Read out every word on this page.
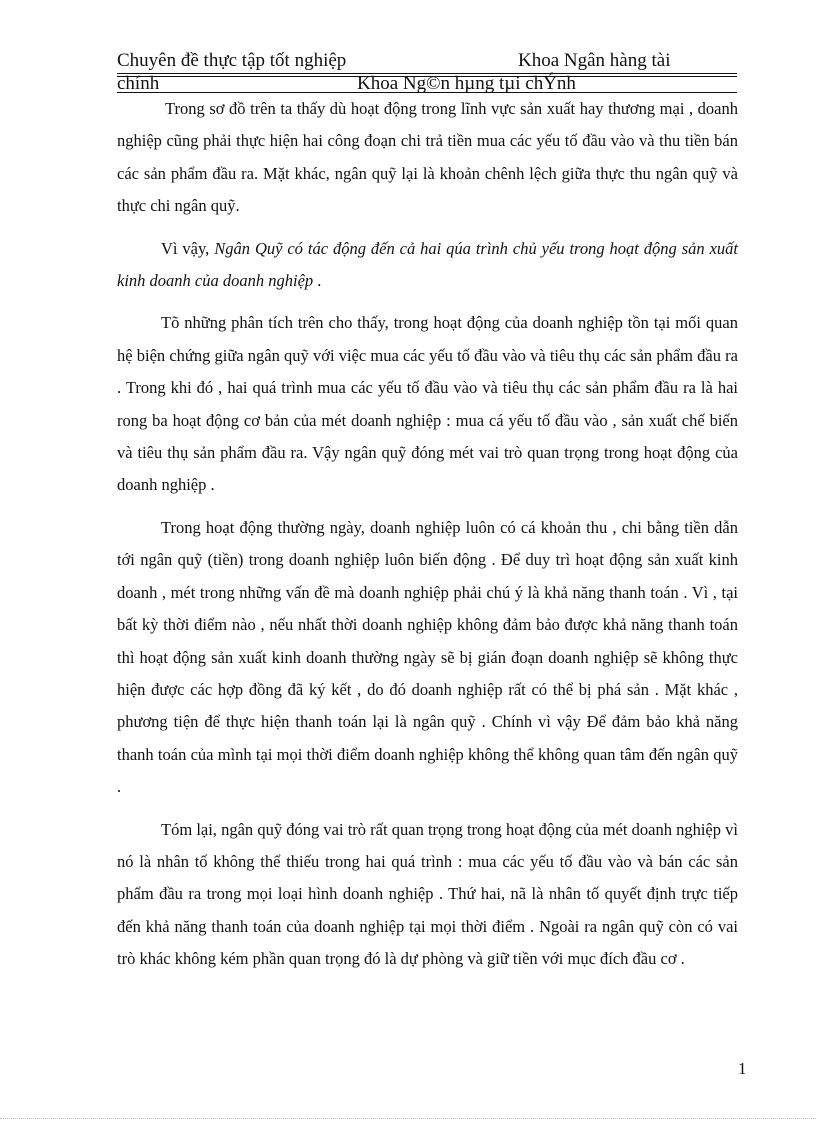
Chuyên đề thực tập tốt nghiệp	Khoa Ngân hàng tài
chính	Khoa Ng©n hµng tµi chÝnh

Trong sơ đồ trên ta thấy dù hoạt động trong lĩnh vực sản xuất hay thương mại , doanh nghiệp cũng phải thực hiện hai công đoạn chi trả tiền mua các yếu tố đầu vào và thu tiền bán các sản phẩm đầu ra. Mặt khác, ngân quỹ lại là khoản chênh lệch giữa thực thu ngân quỹ và thực chi ngân quỹ.

Vì vậy, Ngân Quỹ có tác động đến cả hai qúa trình chủ yếu trong hoạt động sản xuất kinh doanh của doanh nghiệp .

Tõ những phân tích trên cho thấy, trong hoạt động của doanh nghiệp tồn tại mối quan hệ biện chứng giữa ngân quỹ với việc mua các yếu tố đầu vào và tiêu thụ các sản phẩm đầu ra . Trong khi đó , hai quá trình mua các yếu tố đầu vào và tiêu thụ các sản phẩm đầu ra là hai rong ba hoạt động cơ bản của mét doanh nghiệp : mua cá yếu tố đầu vào , sản xuất chế biến và tiêu thụ sản phẩm đầu ra. Vậy ngân quỹ đóng mét vai trò quan trọng trong hoạt động của doanh nghiệp .

Trong hoạt động thường ngày, doanh nghiệp luôn có cá khoản thu , chi bằng tiền dẫn tới ngân quỹ (tiền) trong doanh nghiệp luôn biến động . Để duy trì hoạt động sản xuất kinh doanh , mét trong những vấn đề mà doanh nghiệp phải chú ý là khả năng thanh toán . Vì , tại bất kỳ thời điểm nào , nếu nhất thời doanh nghiệp không đảm bảo được khả năng thanh toán thì hoạt động sản xuất kinh doanh thường ngày sẽ bị gián đoạn doanh nghiệp sẽ không thực hiện được các hợp đồng đã ký kết , do đó doanh nghiệp rất có thể bị phá sản . Mặt khác , phương tiện để thực hiện thanh toán lại là ngân quỹ . Chính vì vậy Để đảm bảo khả năng thanh toán của mình tại mọi thời điểm doanh nghiệp không thể không quan tâm đến ngân quỹ .

Tóm lại, ngân quỹ đóng vai trò rất quan trọng trong hoạt động của mét doanh nghiệp vì nó là nhân tố không thể thiếu trong hai quá trình : mua các yếu tố đầu vào và bán các sản phẩm đầu ra trong mọi loại hình doanh nghiệp . Thứ hai, nã là nhân tố quyết định trực tiếp đến khả năng thanh toán của doanh nghiệp tại mọi thời điểm . Ngoài ra ngân quỹ còn có vai trò khác không kém phần quan trọng đó là dự phòng và giữ tiền với mục đích đầu cơ .

1
